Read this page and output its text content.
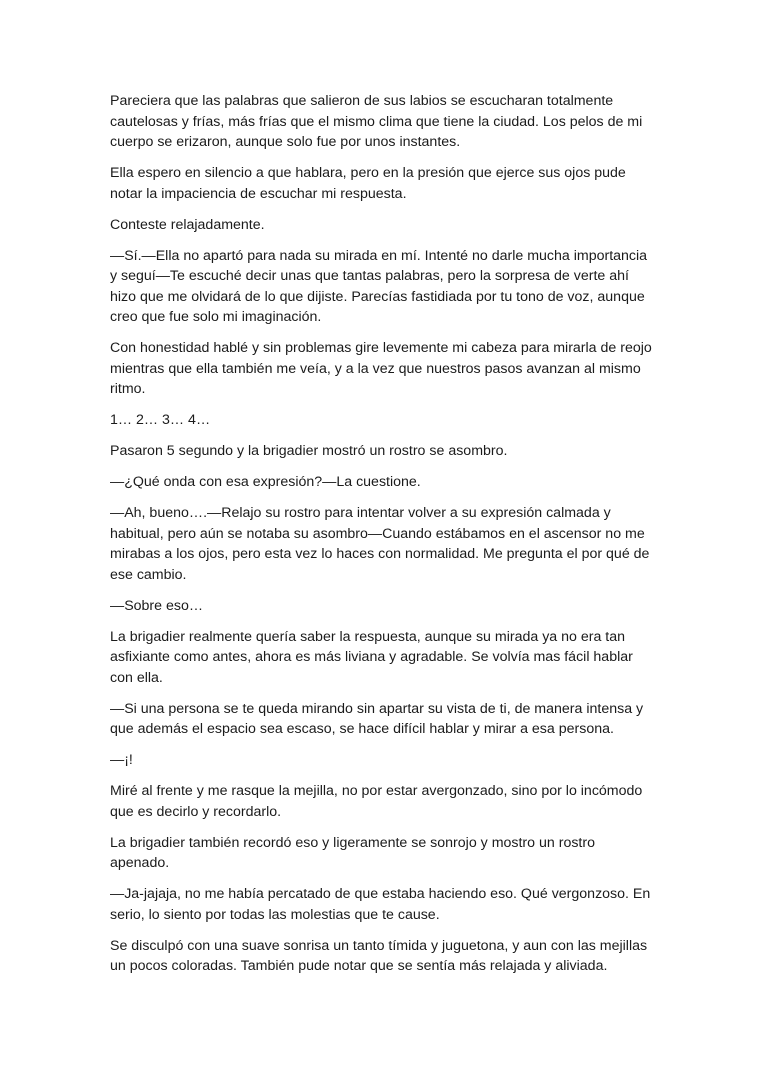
Pareciera que las palabras que salieron de sus labios se escucharan totalmente cautelosas y frías, más frías que el mismo clima que tiene la ciudad. Los pelos de mi cuerpo se erizaron, aunque solo fue por unos instantes.

Ella espero en silencio a que hablara, pero en la presión que ejerce sus ojos pude notar la impaciencia de escuchar mi respuesta.

Conteste relajadamente.

—Sí.—Ella no apartó para nada su mirada en mí. Intenté no darle mucha importancia y seguí—Te escuché decir unas que tantas palabras, pero la sorpresa de verte ahí hizo que me olvidará de lo que dijiste. Parecías fastidiada por tu tono de voz, aunque creo que fue solo mi imaginación.

Con honestidad hablé y sin problemas gire levemente mi cabeza para mirarla de reojo mientras que ella también me veía, y a la vez que nuestros pasos avanzan al mismo ritmo.

1… 2… 3… 4…

Pasaron 5 segundo y la brigadier mostró un rostro se asombro.

—¿Qué onda con esa expresión?—La cuestione.

—Ah, bueno….—Relajo su rostro para intentar volver a su expresión calmada y habitual, pero aún se notaba su asombro—Cuando estábamos en el ascensor no me mirabas a los ojos, pero esta vez lo haces con normalidad. Me pregunta el por qué de ese cambio.

—Sobre eso…

La brigadier realmente quería saber la respuesta, aunque su mirada ya no era tan asfixiante como antes, ahora es más liviana y agradable. Se volvía mas fácil hablar con ella.

—Si una persona se te queda mirando sin apartar su vista de ti, de manera intensa y que además el espacio sea escaso, se hace difícil hablar y mirar a esa persona.

—¡!

Miré al frente y me rasque la mejilla, no por estar avergonzado, sino por lo incómodo que es decirlo y recordarlo.

La brigadier también recordó eso y ligeramente se sonrojo y mostro un rostro apenado.

—Ja-jajaja, no me había percatado de que estaba haciendo eso. Qué vergonzoso. En serio, lo siento por todas las molestias que te cause.

Se disculpó con una suave sonrisa un tanto tímida y juguetona, y aun con las mejillas un pocos coloradas. También pude notar que se sentía más relajada y aliviada.
